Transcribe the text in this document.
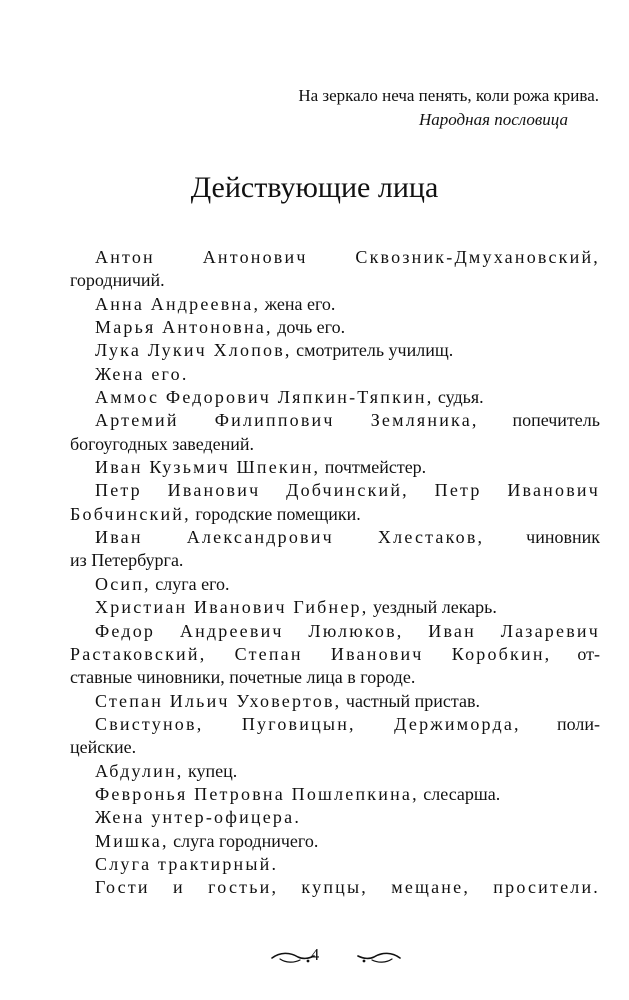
На зеркало неча пенять, коли рожа крива.
Народная пословица
Действующие лица
Антон Антонович Сквозник-Дмухановский,
городничий.
Анна Андреевна, жена его.
Марья Антоновна, дочь его.
Лука Лукич Хлопов, смотритель училищ.
Жена его.
Аммос Федорович Ляпкин-Тяпкин, судья.
Артемий Филиппович Земляника, попечитель
богоугодных заведений.
Иван Кузьмич Шпекин, почтмейстер.
Петр Иванович Добчинский, Петр Иванович
Бобчинский, городские помещики.
Иван Александрович Хлестаков, чиновник
из Петербурга.
Осип, слуга его.
Христиан Иванович Гибнер, уездный лекарь.
Федор Андреевич Люлюков, Иван Лазаревич
Растаковский, Степан Иванович Коробкин, от-
ставные чиновники, почетные лица в городе.
Степан Ильич Уховертов, частный пристав.
Свистунов, Пуговицын, Держиморда, поли-
цейские.
Абдулин, купец.
Февронья Петровна Пошлепкина, слесарша.
Жена унтер-офицера.
Мишка, слуга городничего.
Слуга трактирный.
Гости и гостьи, купцы, мещане, просители.
4
